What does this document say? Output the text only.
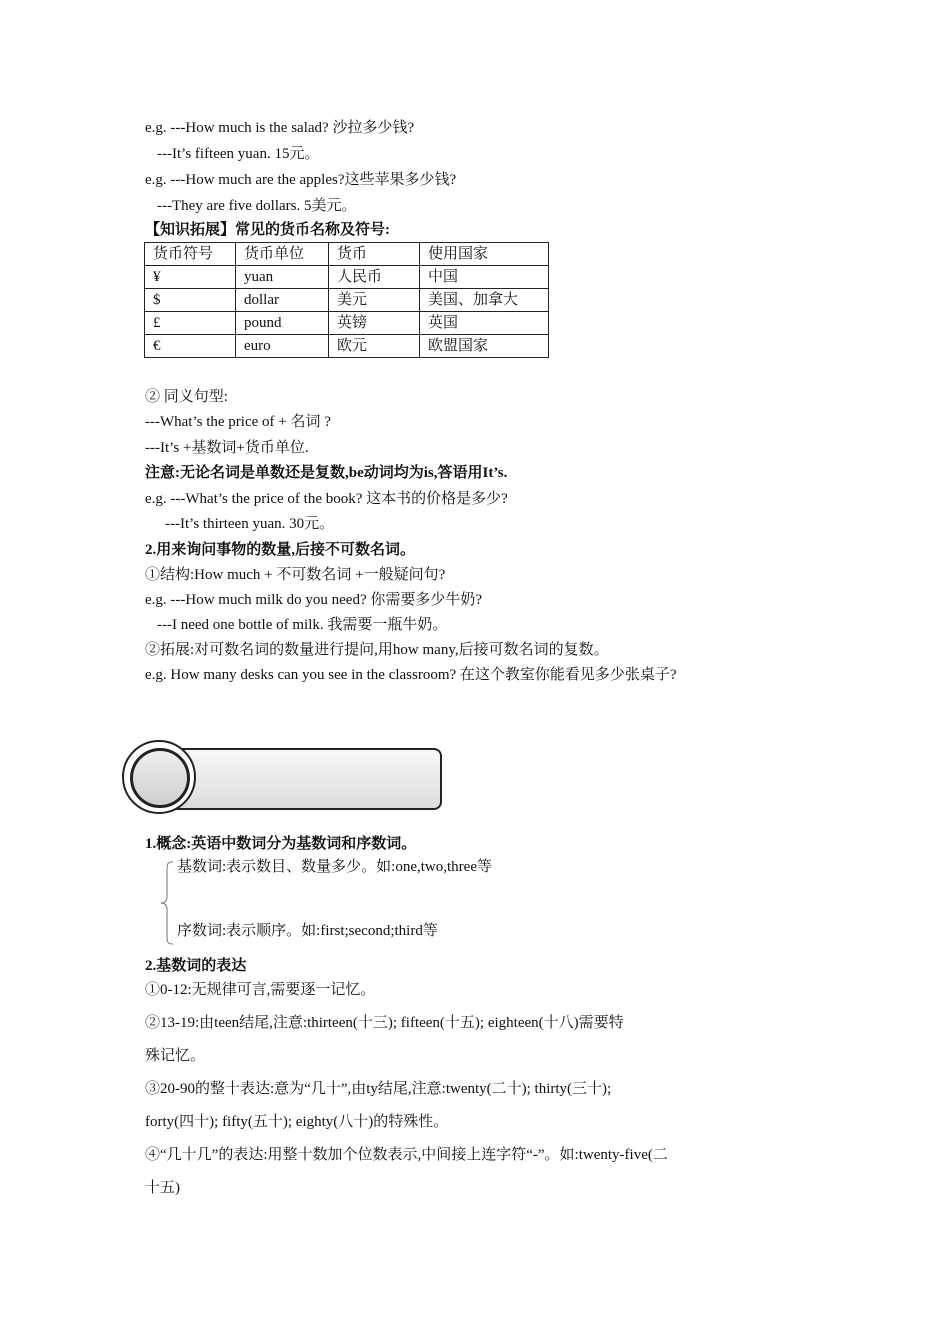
e.g. ---How much is the salad? 沙拉多少钱?
---It’s fifteen yuan. 15元。
e.g. ---How much are the apples?这些苹果多少钱?
---They are five dollars. 5美元。
【知识拓展】常见的货币名称及符号:
货币符号	货币单位	货币	使用国家
¥	yuan	人民币	中国
$	dollar	美元	美国、加拿大
£	pound	英镑	英国
€	euro	欧元	欧盟国家
② 同义句型:
---What’s the price of + 名词 ?
---It’s +基数词+货币单位.
注意:无论名词是单数还是复数,be动词均为is,答语用It’s.
e.g. ---What’s the price of the book? 这本书的价格是多少?
---It’s thirteen yuan. 30元。
2.用来询问事物的数量,后接不可数名词。
①结构:How much + 不可数名词 +一般疑问句?
e.g. ---How much milk do you need? 你需要多少牛奶?
---I need one bottle of milk. 我需要一瓶牛奶。
②拓展:对可数名词的数量进行提问,用how many,后接可数名词的复数。
e.g. How many desks can you see in the classroom? 在这个教室你能看见多少张桌子?
1.概念:英语中数词分为基数词和序数词。
基数词:表示数目、数量多少。如:one,two,three等
序数词:表示顺序。如:first;second;third等
2.基数词的表达
①0-12:无规律可言,需要逐一记忆。
②13-19:由teen结尾,注意:thirteen(十三); fifteen(十五); eighteen(十八)需要特
殊记忆。
③20-90的整十表达:意为“几十”,由ty结尾,注意:twenty(二十); thirty(三十);
forty(四十); fifty(五十); eighty(八十)的特殊性。
④“几十几”的表达:用整十数加个位数表示,中间接上连字符“-”。如:twenty-five(二
十五)
